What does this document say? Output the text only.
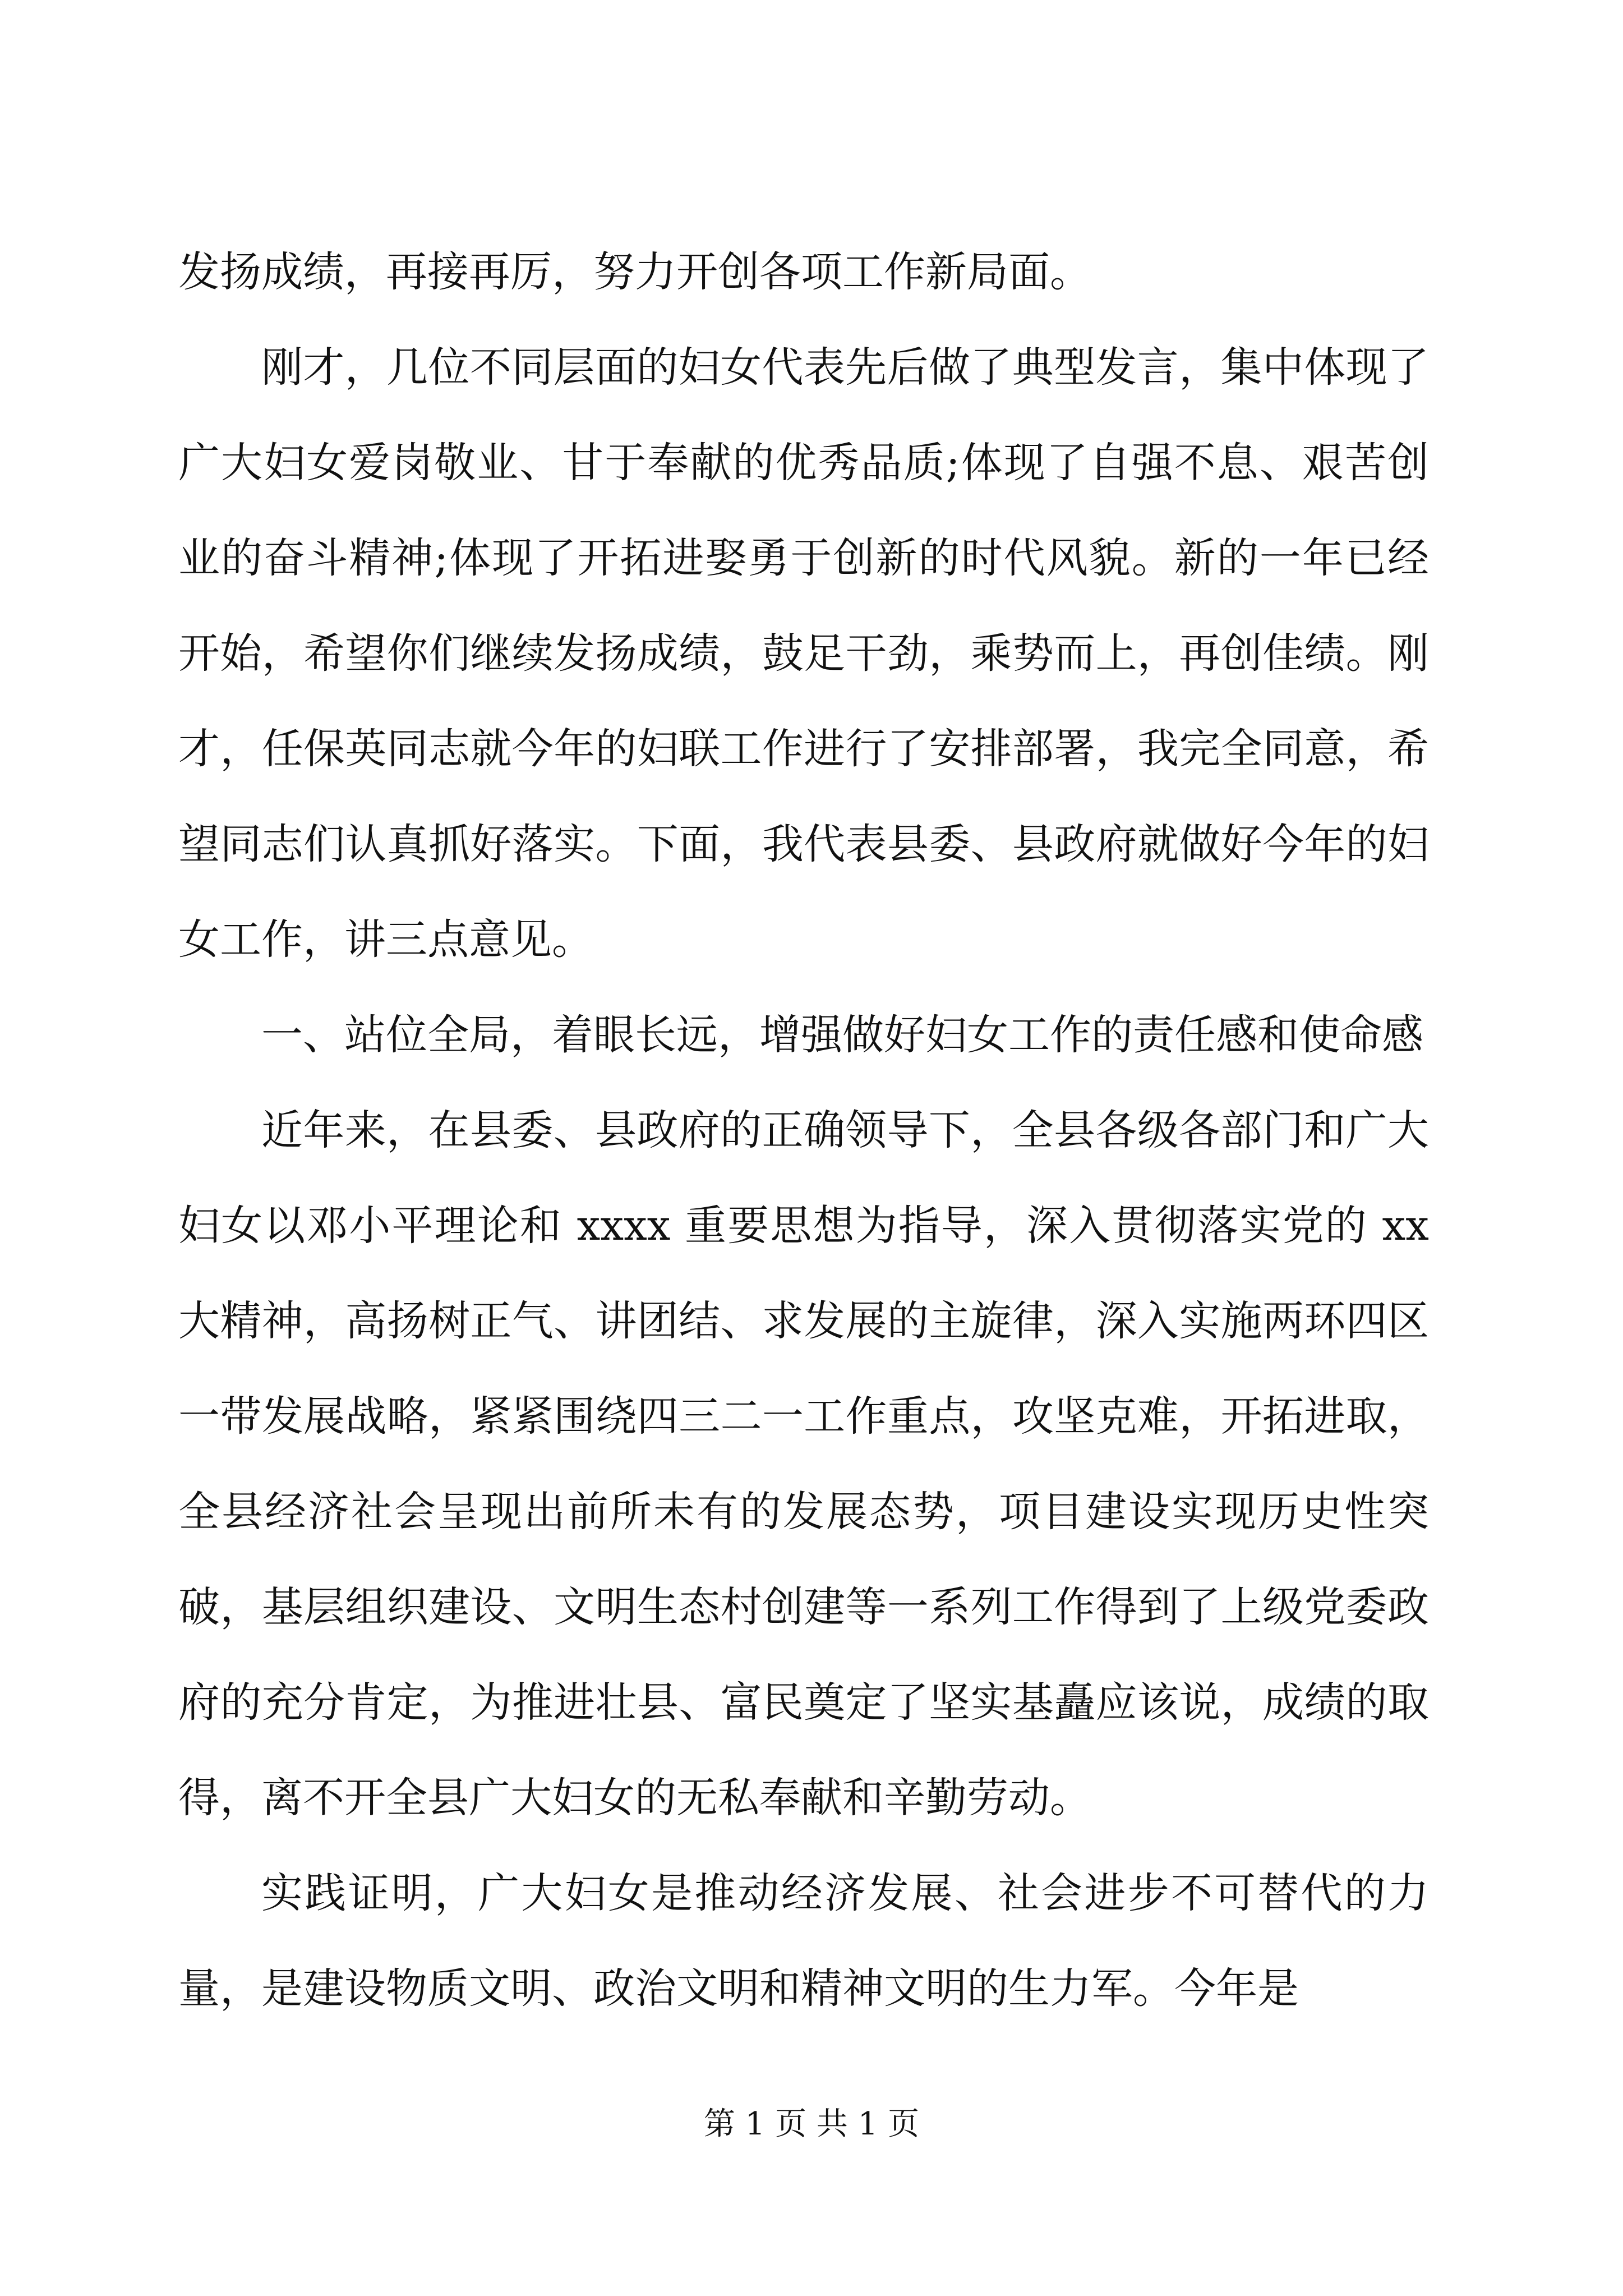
发扬成绩，再接再厉，努力开创各项工作新局面。

刚才，几位不同层面的妇女代表先后做了典型发言，集中体现了广大妇女爱岗敬业、甘于奉献的优秀品质;体现了自强不息、艰苦创业的奋斗精神;体现了开拓进娶勇于创新的时代风貌。新的一年已经开始，希望你们继续发扬成绩，鼓足干劲，乘势而上，再创佳绩。刚才，任保英同志就今年的妇联工作进行了安排部署，我完全同意，希望同志们认真抓好落实。下面，我代表县委、县政府就做好今年的妇女工作，讲三点意见。

一、站位全局，着眼长远，增强做好妇女工作的责任感和使命感

近年来，在县委、县政府的正确领导下，全县各级各部门和广大妇女以邓小平理论和 xxxx 重要思想为指导，深入贯彻落实党的 xx 大精神，高扬树正气、讲团结、求发展的主旋律，深入实施两环四区一带发展战略，紧紧围绕四三二一工作重点，攻坚克难，开拓进取，全县经济社会呈现出前所未有的发展态势，项目建设实现历史性突破，基层组织建设、文明生态村创建等一系列工作得到了上级党委政府的充分肯定，为推进壮县、富民奠定了坚实基矗应该说，成绩的取得，离不开全县广大妇女的无私奉献和辛勤劳动。

实践证明，广大妇女是推动经济发展、社会进步不可替代的力量，是建设物质文明、政治文明和精神文明的生力军。今年是

第 1 页 共 1 页
